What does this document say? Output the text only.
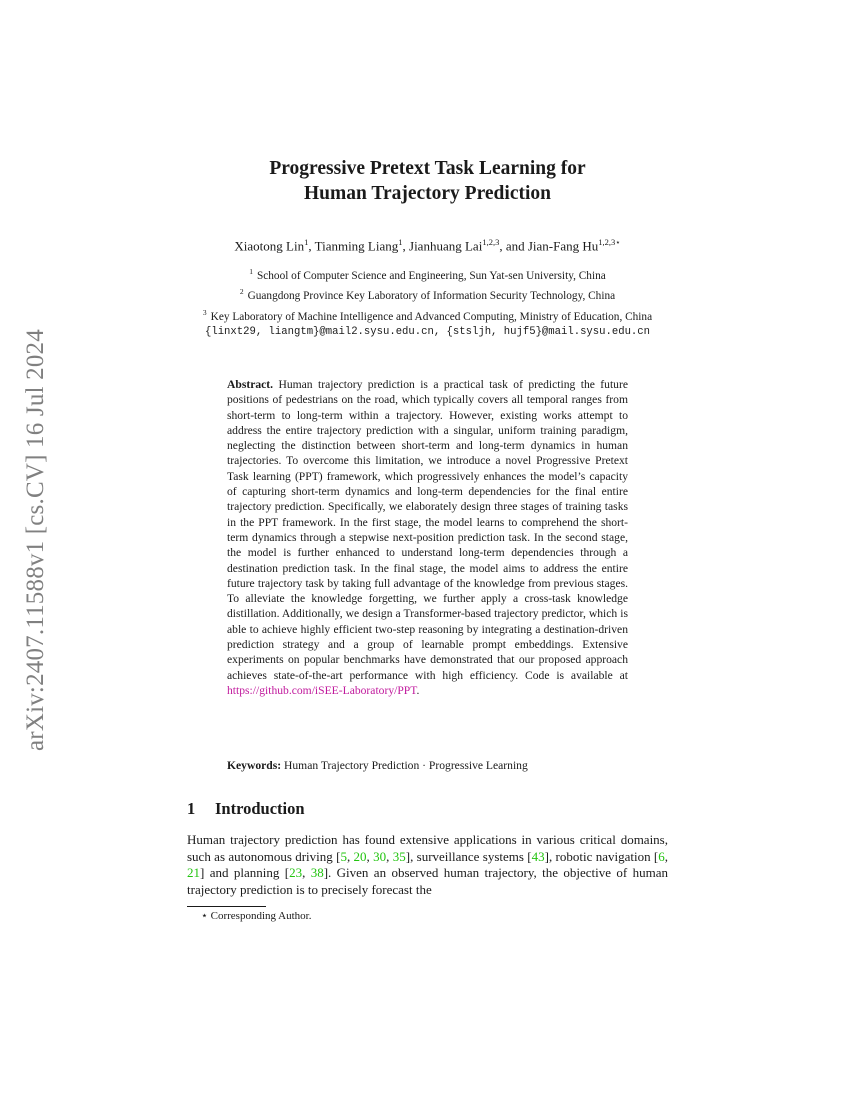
arXiv:2407.11588v1 [cs.CV] 16 Jul 2024
Progressive Pretext Task Learning for
Human Trajectory Prediction
Xiaotong Lin$^1$, Tianming Liang$^1$, Jianhuang Lai$^{1,2,3}$, and Jian-Fang $Hu^{1,2,3⋆}$
$^1$ School of Computer Science and Engineering, Sun Yat-sen University, China
$^2$ Guangdong Province Key Laboratory of Information Security Technology, China
$^3$ Key Laboratory of Machine Intelligence and Advanced Computing, Ministry of Education, China
{linxt29, liangtm}@mail2.sysu.edu.cn, {stsljh, hujf5}@mail.sysu.edu.cn
Abstract. Human trajectory prediction is a practical task of predicting the future positions of pedestrians on the road, which typically covers all temporal ranges from short-term to long-term within a trajectory. However, existing works attempt to address the entire trajectory prediction with a singular, uniform training paradigm, neglecting the distinction between short-term and long-term dynamics in human trajectories. To overcome this limitation, we introduce a novel Progressive Pretext Task learning (PPT) framework, which progressively enhances the model’s capacity of capturing short-term dynamics and long-term dependencies for the final entire trajectory prediction. Specifically, we elaborately design three stages of training tasks in the PPT framework. In the first stage, the model learns to comprehend the short-term dynamics through a stepwise next-position prediction task. In the second stage, the model is further enhanced to understand long-term dependencies through a destination prediction task. In the final stage, the model aims to address the entire future trajectory task by taking full advantage of the knowledge from previous stages. To alleviate the knowledge forgetting, we further apply a cross-task knowledge distillation. Additionally, we design a Transformer-based trajectory predictor, which is able to achieve highly efficient two-step reasoning by integrating a destination-driven prediction strategy and a group of learnable prompt embeddings. Extensive experiments on popular benchmarks have demonstrated that our proposed approach achieves state-of-the-art performance with high efficiency. Code is available at https://github.com/iSEE-Laboratory/PPT.
Keywords: Human Trajectory Prediction · Progressive Learning
1 Introduction
Human trajectory prediction has found extensive applications in various critical domains, such as autonomous driving [5, 20, 30, 35], surveillance systems [43], robotic navigation [6, 21] and planning [23, 38]. Given an observed human trajectory, the objective of human trajectory prediction is to precisely forecast the
⋆ Corresponding Author.
